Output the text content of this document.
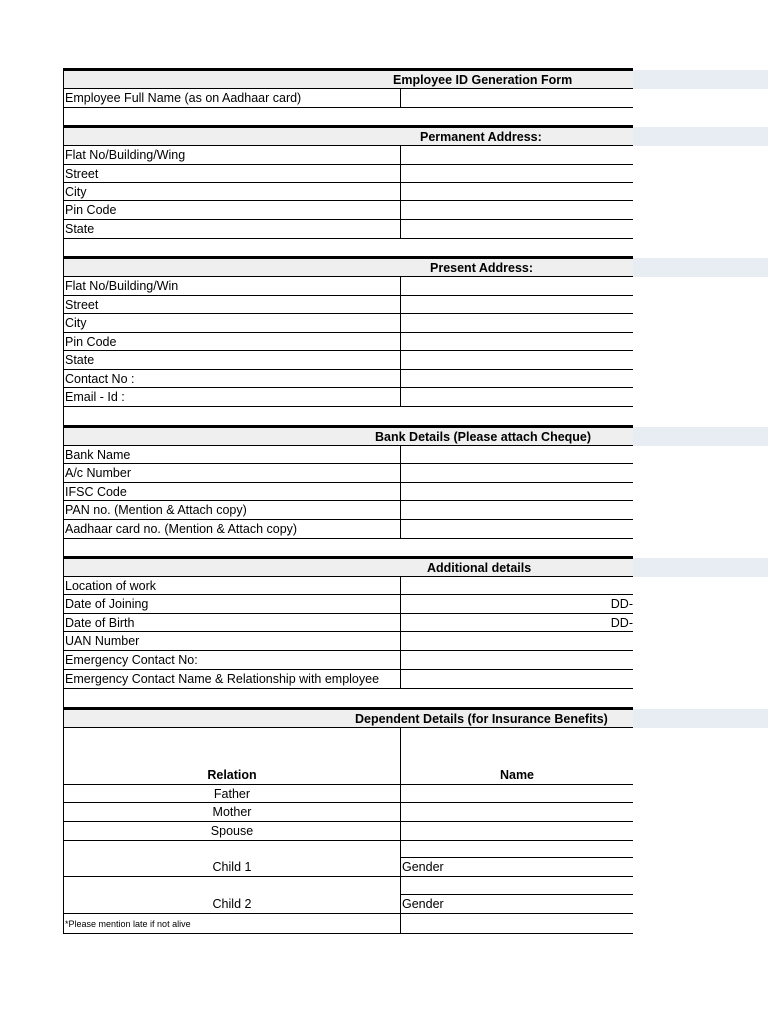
Employee ID Generation Form
Employee Full Name (as on Aadhaar card)
Permanent Address:
Flat No/Building/Wing
Street
City
Pin Code
State
Present Address:
Flat No/Building/Win
Street
City
Pin Code
State
Contact No :
Email - Id :
Bank Details (Please attach Cheque)
Bank Name
A/c Number
IFSC Code
PAN no. (Mention & Attach copy)
Aadhaar card no. (Mention & Attach copy)
Additional details
Location of work
Date of Joining	DD-
Date of Birth	DD-
UAN Number
Emergency Contact No:
Emergency Contact Name & Relationship with employee
Dependent Details (for Insurance Benefits)
Relation	Name
Father
Mother
Spouse
Child 1	Gender
Child 2	Gender
*Please mention late if not alive
